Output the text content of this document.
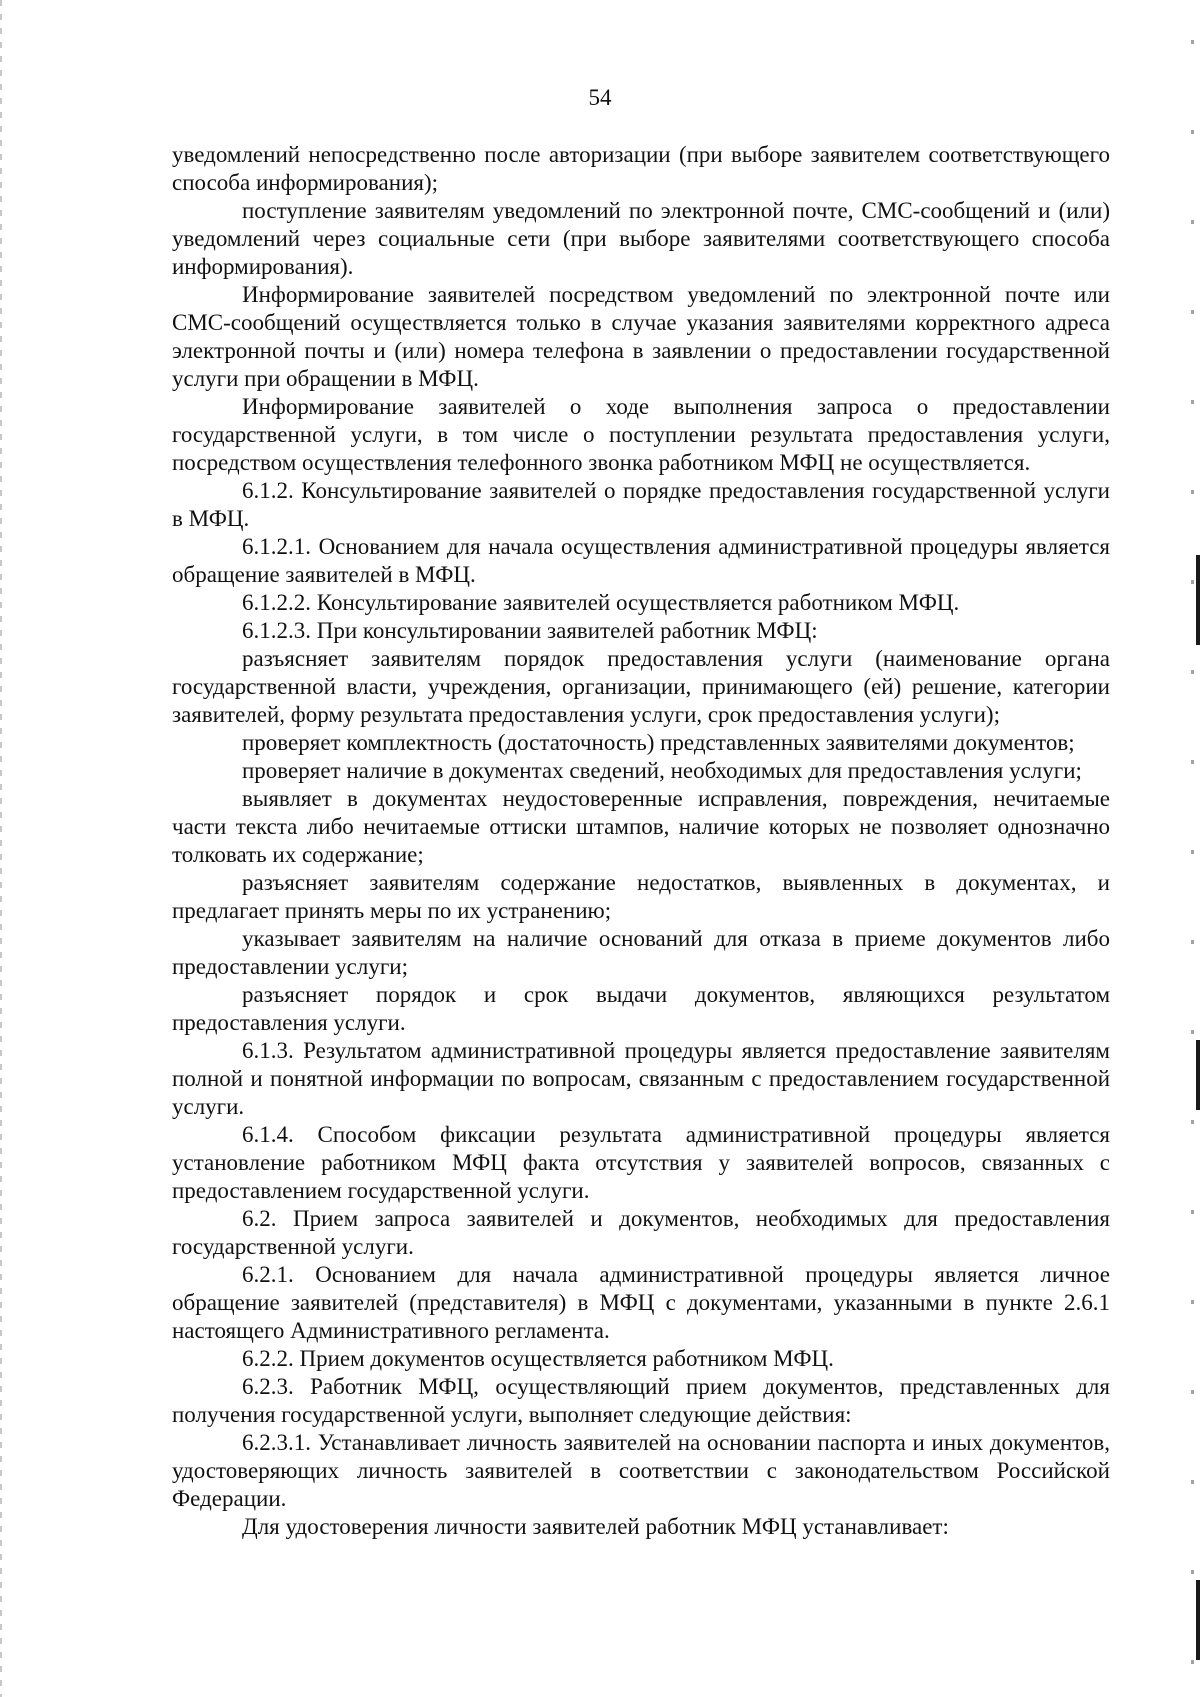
54

уведомлений непосредственно после авторизации (при выборе заявителем соответствующего способа информирования);

поступление заявителям уведомлений по электронной почте, СМС-сообщений и (или) уведомлений через социальные сети (при выборе заявителями соответствующего способа информирования).

Информирование заявителей посредством уведомлений по электронной почте или СМС-сообщений осуществляется только в случае указания заявителями корректного адреса электронной почты и (или) номера телефона в заявлении о предоставлении государственной услуги при обращении в МФЦ.

Информирование заявителей о ходе выполнения запроса о предоставлении государственной услуги, в том числе о поступлении результата предоставления услуги, посредством осуществления телефонного звонка работником МФЦ не осуществляется.

6.1.2. Консультирование заявителей о порядке предоставления государственной услуги в МФЦ.

6.1.2.1. Основанием для начала осуществления административной процедуры является обращение заявителей в МФЦ.

6.1.2.2. Консультирование заявителей осуществляется работником МФЦ.

6.1.2.3. При консультировании заявителей работник МФЦ:

разъясняет заявителям порядок предоставления услуги (наименование органа государственной власти, учреждения, организации, принимающего (ей) решение, категории заявителей, форму результата предоставления услуги, срок предоставления услуги);

проверяет комплектность (достаточность) представленных заявителями документов;

проверяет наличие в документах сведений, необходимых для предоставления услуги;

выявляет в документах неудостоверенные исправления, повреждения, нечитаемые части текста либо нечитаемые оттиски штампов, наличие которых не позволяет однозначно толковать их содержание;

разъясняет заявителям содержание недостатков, выявленных в документах, и предлагает принять меры по их устранению;

указывает заявителям на наличие оснований для отказа в приеме документов либо предоставлении услуги;

разъясняет порядок и срок выдачи документов, являющихся результатом предоставления услуги.

6.1.3. Результатом административной процедуры является предоставление заявителям полной и понятной информации по вопросам, связанным с предоставлением государственной услуги.

6.1.4. Способом фиксации результата административной процедуры является установление работником МФЦ факта отсутствия у заявителей вопросов, связанных с предоставлением государственной услуги.

6.2. Прием запроса заявителей и документов, необходимых для предоставления государственной услуги.

6.2.1. Основанием для начала административной процедуры является личное обращение заявителей (представителя) в МФЦ с документами, указанными в пункте 2.6.1 настоящего Административного регламента.

6.2.2. Прием документов осуществляется работником МФЦ.

6.2.3. Работник МФЦ, осуществляющий прием документов, представленных для получения государственной услуги, выполняет следующие действия:

6.2.3.1. Устанавливает личность заявителей на основании паспорта и иных документов, удостоверяющих личность заявителей в соответствии с законодательством Российской Федерации.

Для удостоверения личности заявителей работник МФЦ устанавливает:
